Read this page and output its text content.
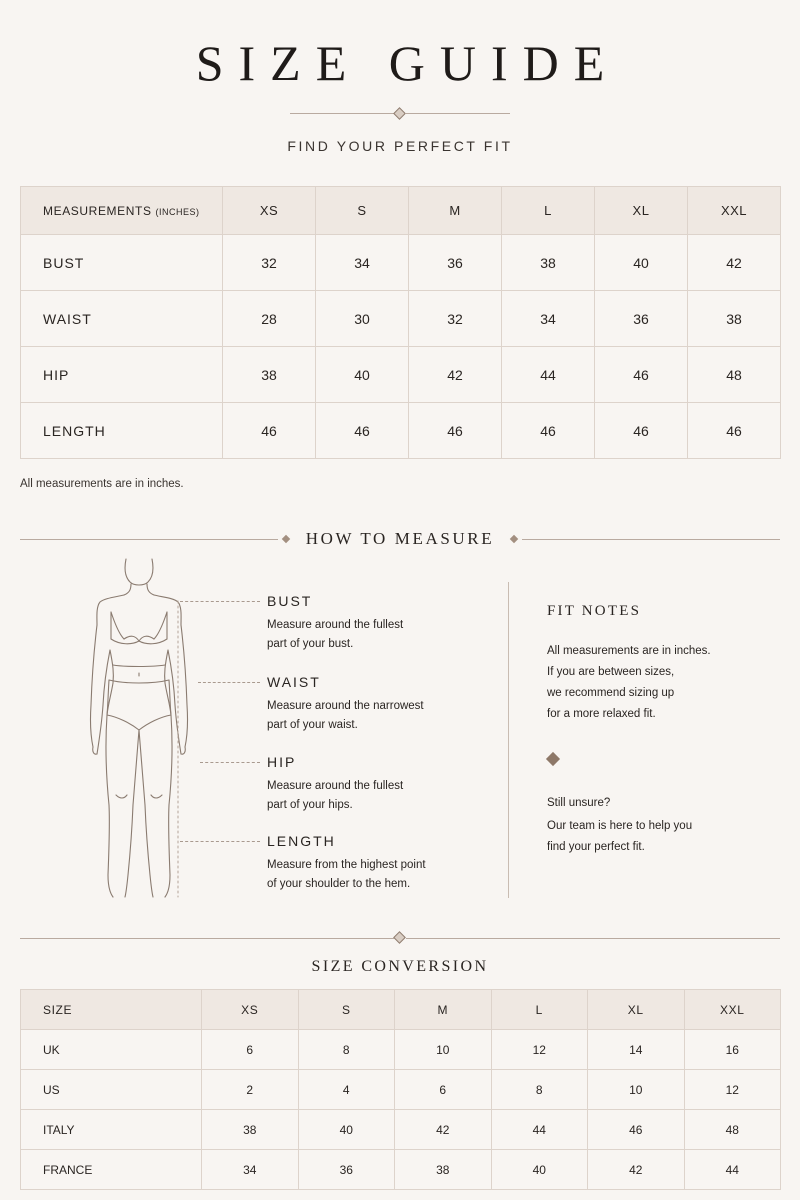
SIZE GUIDE
FIND YOUR PERFECT FIT
MEASUREMENTS (INCHES)	XS	S	M	L	XL	XXL
BUST	32	34	36	38	40	42
WAIST	28	30	32	34	36	38
HIP	38	40	42	44	46	48
LENGTH	46	46	46	46	46	46
All measurements are in inches.
HOW TO MEASURE
BUST
Measure around the fullest
part of your bust.
WAIST
Measure around the narrowest
part of your waist.
HIP
Measure around the fullest
part of your hips.
LENGTH
Measure from the highest point
of your shoulder to the hem.
FIT NOTES
All measurements are in inches.
If you are between sizes,
we recommend sizing up
for a more relaxed fit.
Still unsure?
Our team is here to help you
find your perfect fit.
SIZE CONVERSION
SIZE	XS	S	M	L	XL	XXL
UK	6	8	10	12	14	16
US	2	4	6	8	10	12
ITALY	38	40	42	44	46	48
FRANCE	34	36	38	40	42	44
